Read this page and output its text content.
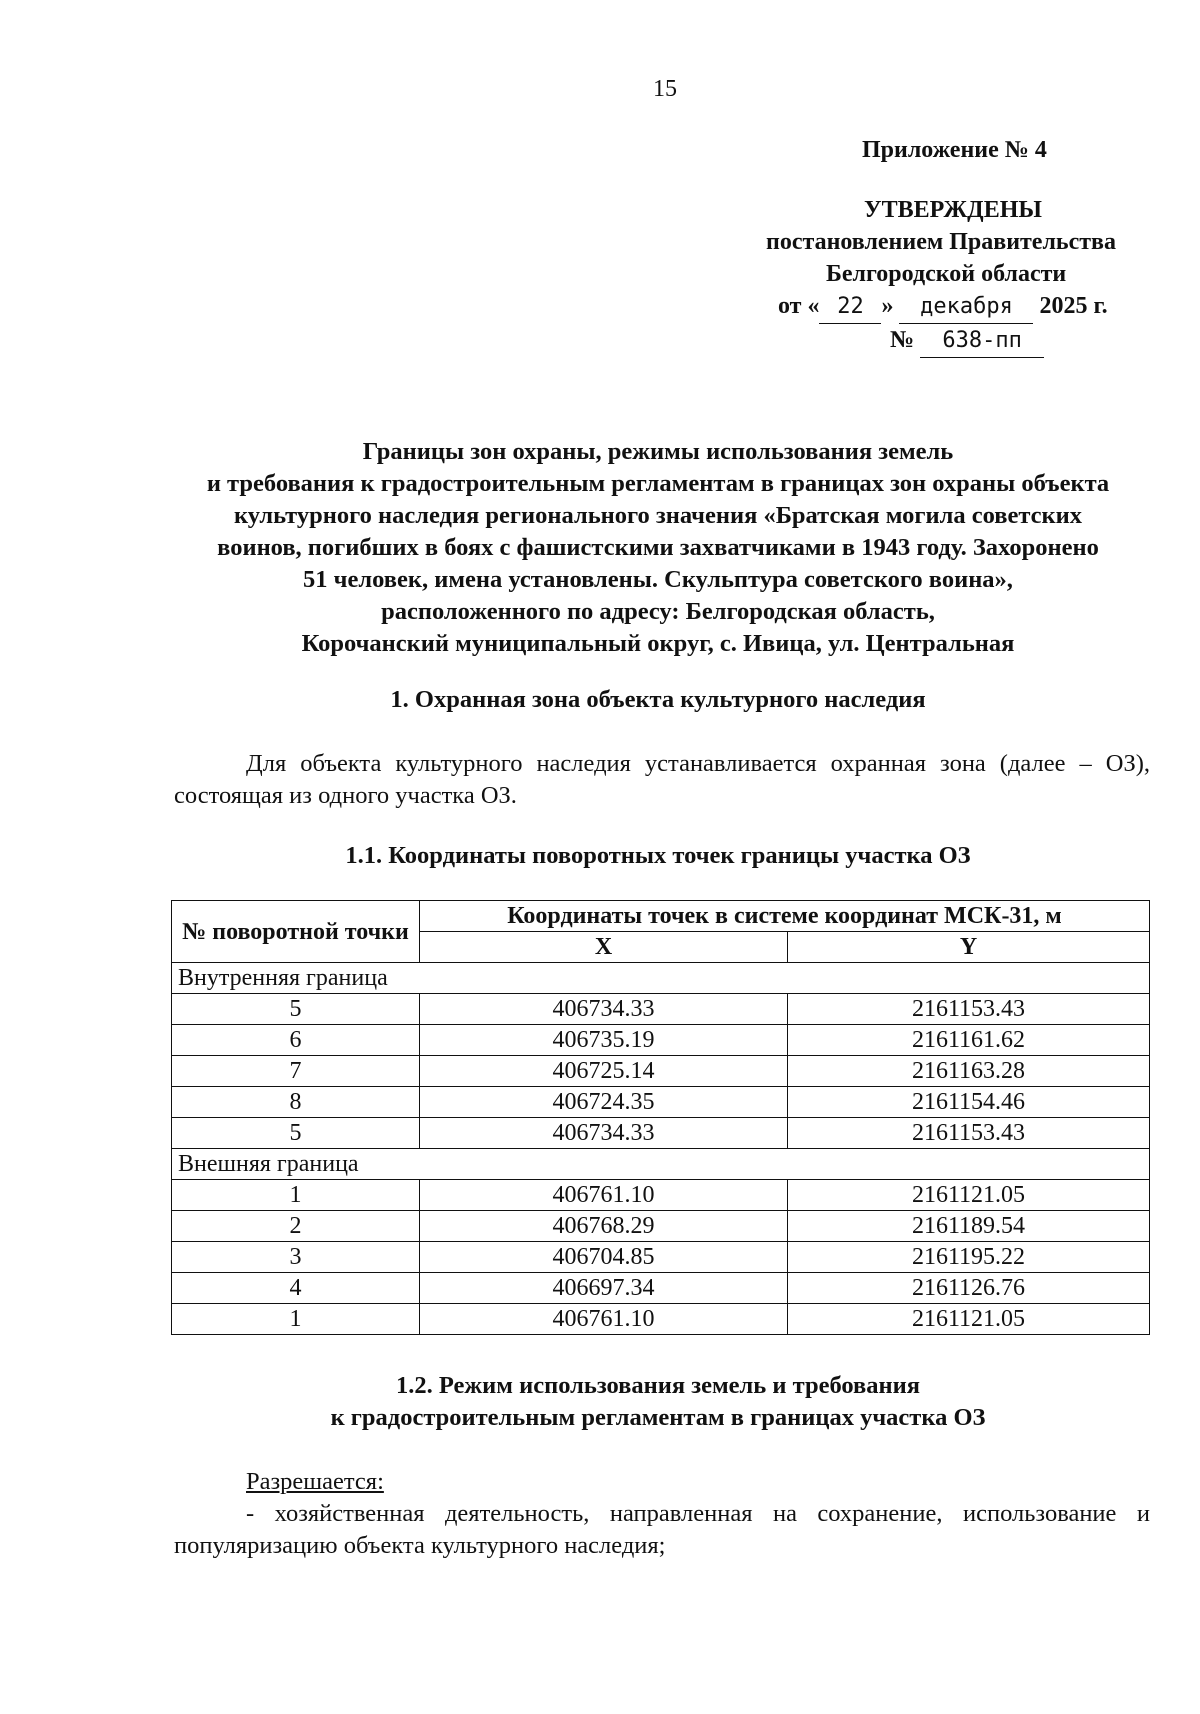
15
Приложение № 4
УТВЕРЖДЕНЫ
постановлением Правительства
Белгородской области
от « 22 » декабря 2025 г.
№ 638-пп
Границы зон охраны, режимы использования земель
и требования к градостроительным регламентам в границах зон охраны объекта
культурного наследия регионального значения «Братская могила советских
воинов, погибших в боях с фашистскими захватчиками в 1943 году. Захоронено
51 человек, имена установлены. Скульптура советского воина»,
расположенного по адресу: Белгородская область,
Корочанский муниципальный округ, с. Ивица, ул. Центральная
1. Охранная зона объекта культурного наследия
Для объекта культурного наследия устанавливается охранная зона (далее – ОЗ), состоящая из одного участка ОЗ.
1.1. Координаты поворотных точек границы участка ОЗ
№ поворотной точки	Координаты точек в системе координат МСК-31, м	
	X	Y
Внутренняя граница		
5	406734.33	2161153.43
6	406735.19	2161161.62
7	406725.14	2161163.28
8	406724.35	2161154.46
5	406734.33	2161153.43
Внешняя граница		
1	406761.10	2161121.05
2	406768.29	2161189.54
3	406704.85	2161195.22
4	406697.34	2161126.76
1	406761.10	2161121.05
1.2. Режим использования земель и требования
к градостроительным регламентам в границах участка ОЗ
Разрешается:
- хозяйственная деятельность, направленная на сохранение, использование и популяризацию объекта культурного наследия;
